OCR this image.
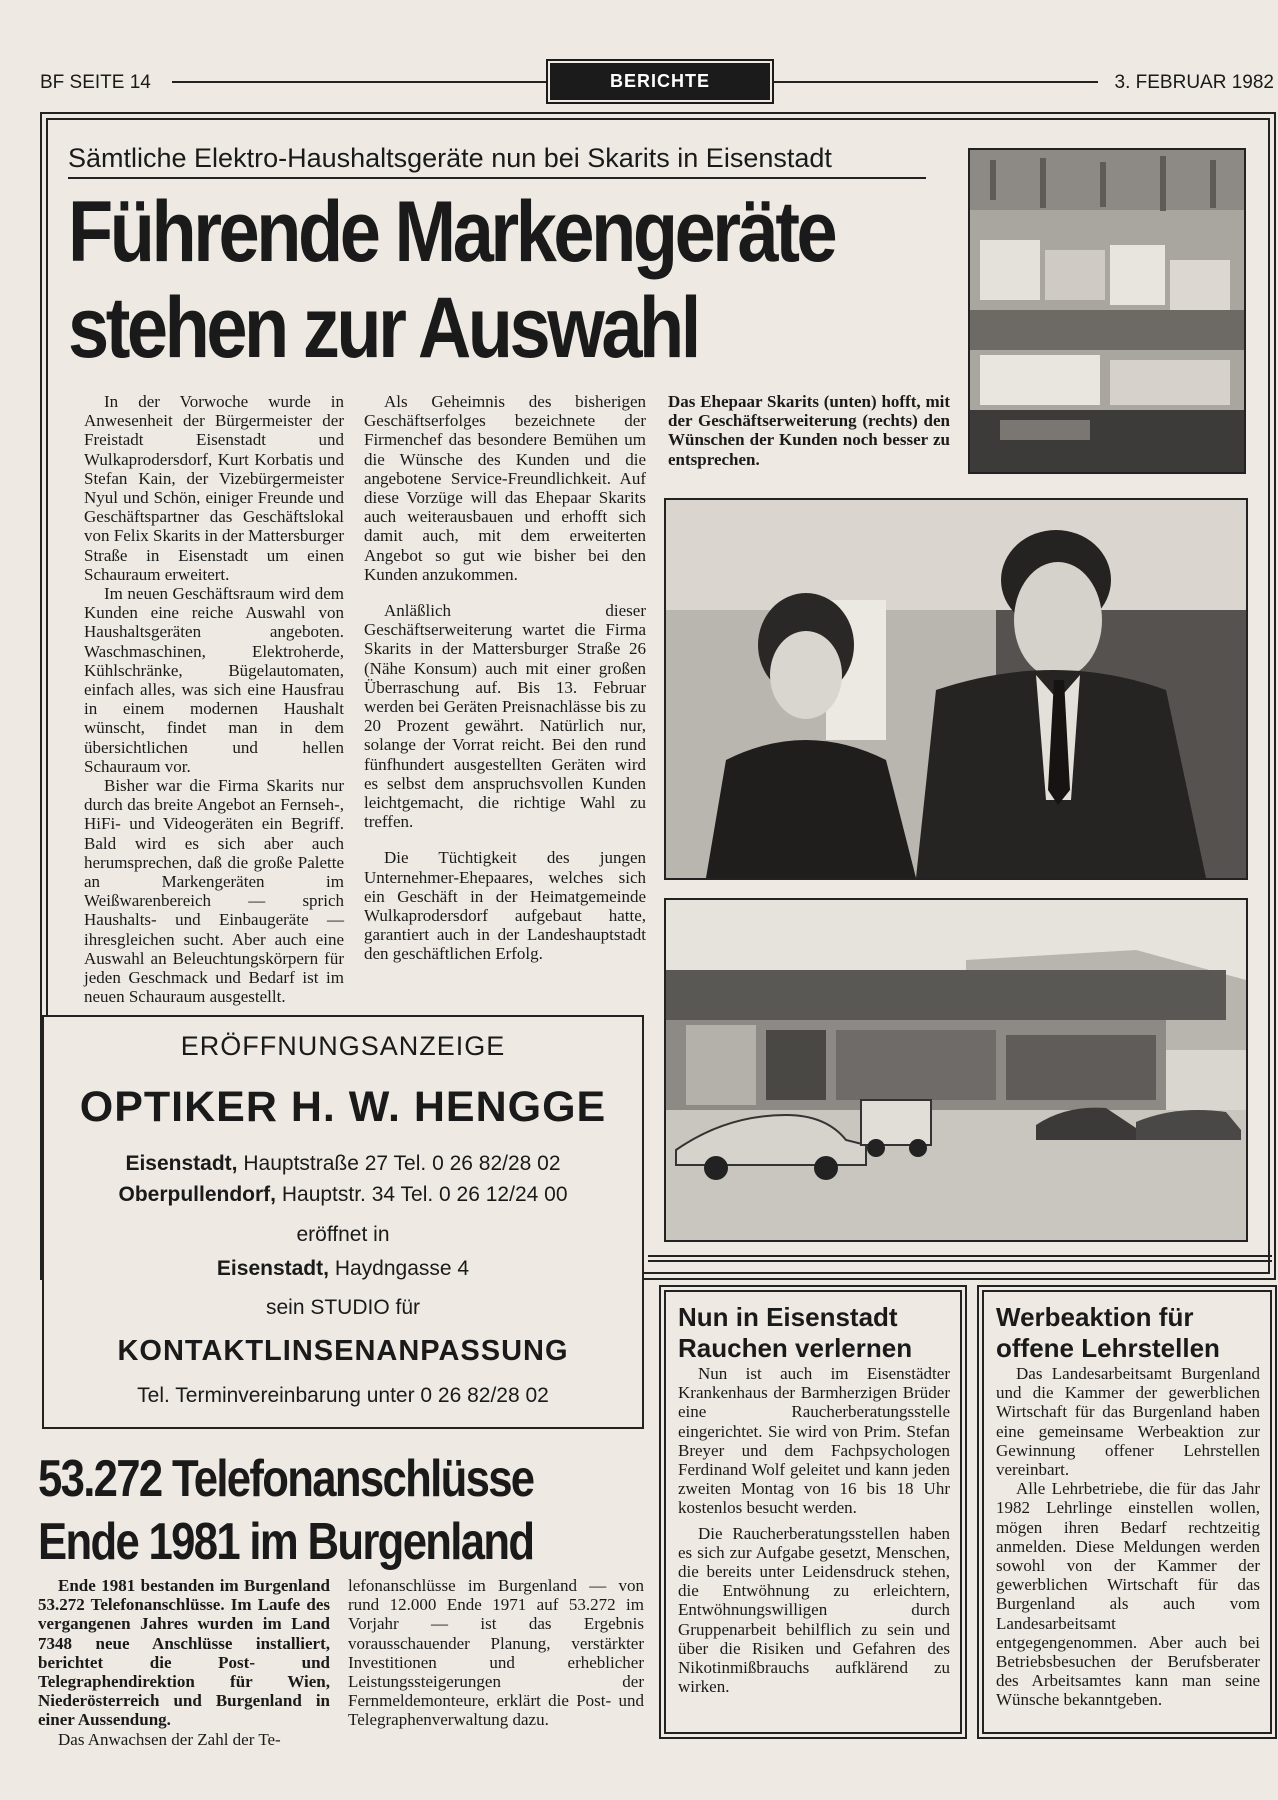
BF SEITE 14	BERICHTE	3. FEBRUAR 1982
Sämtliche Elektro-Haushaltsgeräte nun bei Skarits in Eisenstadt
Führende Markengeräte
stehen zur Auswahl

In der Vorwoche wurde in Anwesenheit der Bürgermeister der Freistadt Eisenstadt und Wulkaprodersdorf, Kurt Korbatis und Stefan Kain, der Vizebürgermeister Nyul und Schön, einiger Freunde und Geschäftspartner das Geschäftslokal von Felix Skarits in der Mattersburger Straße in Eisenstadt um einen Schauraum erweitert.

Im neuen Geschäftsraum wird dem Kunden eine reiche Auswahl von Haushaltsgeräten angeboten. Waschmaschinen, Elektroherde, Kühlschränke, Bügelautomaten, einfach alles, was sich eine Hausfrau in einem modernen Haushalt wünscht, findet man in dem übersichtlichen und hellen Schauraum vor.

Bisher war die Firma Skarits nur durch das breite Angebot an Fernseh-, HiFi- und Videogeräten ein Begriff. Bald wird es sich aber auch herumsprechen, daß die große Palette an Markengeräten im Weißwarenbereich — sprich Haushalts- und Einbaugeräte — ihresgleichen sucht. Aber auch eine Auswahl an Beleuchtungskörpern für jeden Geschmack und Bedarf ist im neuen Schauraum ausgestellt.

Als Geheimnis des bisherigen Geschäftserfolges bezeichnete der Firmenchef das besondere Bemühen um die Wünsche des Kunden und die angebotene Service-Freundlichkeit. Auf diese Vorzüge will das Ehepaar Skarits auch weiterausbauen und erhofft sich damit auch, mit dem erweiterten Angebot so gut wie bisher bei den Kunden anzukommen.

Anläßlich dieser Geschäftserweiterung wartet die Firma Skarits in der Mattersburger Straße 26 (Nähe Konsum) auch mit einer großen Überraschung auf. Bis 13. Februar werden bei Geräten Preisnachlässe bis zu 20 Prozent gewährt. Natürlich nur, solange der Vorrat reicht. Bei den rund fünfhundert ausgestellten Geräten wird es selbst dem anspruchsvollen Kunden leichtgemacht, die richtige Wahl zu treffen.

Die Tüchtigkeit des jungen Unternehmer-Ehepaares, welches sich ein Geschäft in der Heimatgemeinde Wulkaprodersdorf aufgebaut hatte, garantiert auch in der Landeshauptstadt den geschäftlichen Erfolg.

Das Ehepaar Skarits (unten) hofft, mit der Geschäftserweiterung (rechts) den Wünschen der Kunden noch besser zu entsprechen.
ERÖFFNUNGSANZEIGE
OPTIKER H. W. HENGGE
Eisenstadt, Hauptstraße 27 Tel. 0 26 82/28 02
Oberpullendorf, Hauptstr. 34 Tel. 0 26 12/24 00
eröffnet in
Eisenstadt, Haydngasse 4
sein STUDIO für
KONTAKTLINSENANPASSUNG
Tel. Terminvereinbarung unter 0 26 82/28 02
53.272 Telefonanschlüsse
Ende 1981 im Burgenland

Ende 1981 bestanden im Burgenland 53.272 Telefonanschlüsse. Im Laufe des vergangenen Jahres wurden im Land 7348 neue Anschlüsse installiert, berichtet die Post- und Telegraphendirektion für Wien, Niederösterreich und Burgenland in einer Aussendung.

Das Anwachsen der Zahl der Te-

lefonanschlüsse im Burgenland — von rund 12.000 Ende 1971 auf 53.272 im Vorjahr — ist das Ergebnis vorausschauender Planung, verstärkter Investitionen und erheblicher Leistungssteigerungen der Fernmeldemonteure, erklärt die Post- und Telegraphenverwaltung dazu.

Nun in Eisenstadt
Rauchen verlernen

Nun ist auch im Eisenstädter Krankenhaus der Barmherzigen Brüder eine Raucherberatungsstelle eingerichtet. Sie wird von Prim. Stefan Breyer und dem Fachpsychologen Ferdinand Wolf geleitet und kann jeden zweiten Montag von 16 bis 18 Uhr kostenlos besucht werden.

Die Raucherberatungsstellen haben es sich zur Aufgabe gesetzt, Menschen, die bereits unter Leidensdruck stehen, die Entwöhnung zu erleichtern, Entwöhnungswilligen durch Gruppenarbeit behilflich zu sein und über die Risiken und Gefahren des Nikotinmißbrauchs aufklärend zu wirken.

Werbeaktion für
offene Lehrstellen

Das Landesarbeitsamt Burgenland und die Kammer der gewerblichen Wirtschaft für das Burgenland haben eine gemeinsame Werbeaktion zur Gewinnung offener Lehrstellen vereinbart.

Alle Lehrbetriebe, die für das Jahr 1982 Lehrlinge einstellen wollen, mögen ihren Bedarf rechtzeitig anmelden. Diese Meldungen werden sowohl von der Kammer der gewerblichen Wirtschaft für das Burgenland als auch vom Landesarbeitsamt entgegengenommen. Aber auch bei Betriebsbesuchen der Berufsberater des Arbeitsamtes kann man seine Wünsche bekanntgeben.
